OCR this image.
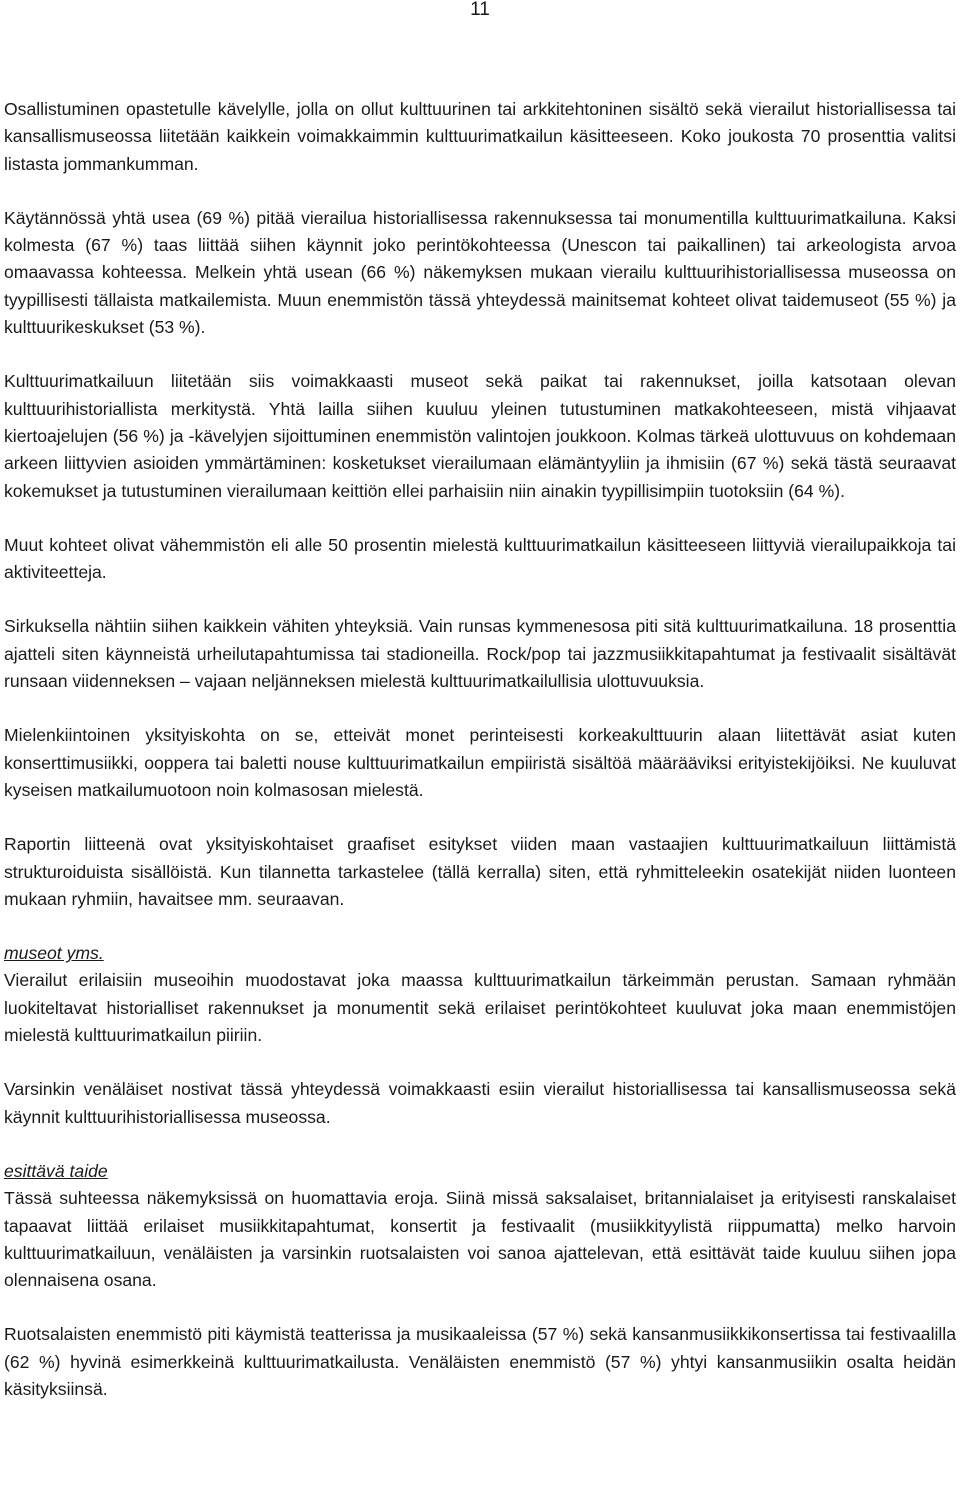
11

Osallistuminen opastetulle kävelylle, jolla on ollut kulttuurinen tai arkkitehtoninen sisältö sekä vierailut historiallisessa tai kansallismuseossa liitetään kaikkein voimakkaimmin kulttuurimatkailun käsitteeseen. Koko joukosta 70 prosenttia valitsi listasta jommankumman.

Käytännössä yhtä usea (69 %) pitää vierailua historiallisessa rakennuksessa tai monumentilla kulttuurimatkailuna. Kaksi kolmesta (67 %) taas liittää siihen käynnit joko perintökohteessa (Unescon tai paikallinen) tai arkeologista arvoa omaavassa kohteessa. Melkein yhtä usean (66 %) näkemyksen mukaan vierailu kulttuurihistoriallisessa museossa on tyypillisesti tällaista matkailemista. Muun enemmistön tässä yhteydessä mainitsemat kohteet olivat taidemuseot (55 %) ja kulttuurikeskukset (53 %).

Kulttuurimatkailuun liitetään siis voimakkaasti museot sekä paikat tai rakennukset, joilla katsotaan olevan kulttuurihistoriallista merkitystä. Yhtä lailla siihen kuuluu yleinen tutustuminen matkakohteeseen, mistä vihjaavat kiertoajelujen (56 %) ja -kävelyjen sijoittuminen enemmistön valintojen joukkoon. Kolmas tärkeä ulottuvuus on kohdemaan arkeen liittyvien asioiden ymmärtäminen: kosketukset vierailumaan elämäntyyliin ja ihmisiin (67 %) sekä tästä seuraavat kokemukset ja tutustuminen vierailumaan keittiön ellei parhaisiin niin ainakin tyypillisimpiin tuotoksiin (64 %).

Muut kohteet olivat vähemmistön eli alle 50 prosentin mielestä kulttuurimatkailun käsitteeseen liittyviä vierailupaikkoja tai aktiviteetteja.

Sirkuksella nähtiin siihen kaikkein vähiten yhteyksiä. Vain runsas kymmenesosa piti sitä kulttuurimatkailuna. 18 prosenttia ajatteli siten käynneistä urheilutapahtumissa tai stadioneilla. Rock/pop tai jazzmusiikkitapahtumat ja festivaalit sisältävät runsaan viidenneksen – vajaan neljänneksen mielestä kulttuurimatkailullisia ulottuvuuksia.

Mielenkiintoinen yksityiskohta on se, etteivät monet perinteisesti korkeakulttuurin alaan liitettävät asiat kuten konserttimusiikki, ooppera tai baletti nouse kulttuurimatkailun empiiristä sisältöä määrääviksi erityistekijöiksi. Ne kuuluvat kyseisen matkailumuotoon noin kolmasosan mielestä.

Raportin liitteenä ovat yksityiskohtaiset graafiset esitykset viiden maan vastaajien kulttuurimatkailuun liittämistä strukturoiduista sisällöistä. Kun tilannetta tarkastelee (tällä kerralla) siten, että ryhmitteleekin osatekijät niiden luonteen mukaan ryhmiin, havaitsee mm. seuraavan.

museot yms.

Vierailut erilaisiin museoihin muodostavat joka maassa kulttuurimatkailun tärkeimmän perustan. Samaan ryhmään luokiteltavat historialliset rakennukset ja monumentit sekä erilaiset perintökohteet kuuluvat joka maan enemmistöjen mielestä kulttuurimatkailun piiriin.

Varsinkin venäläiset nostivat tässä yhteydessä voimakkaasti esiin vierailut historiallisessa tai kansallismuseossa sekä käynnit kulttuurihistoriallisessa museossa.

esittävä taide

Tässä suhteessa näkemyksissä on huomattavia eroja. Siinä missä saksalaiset, britannialaiset ja erityisesti ranskalaiset tapaavat liittää erilaiset musiikkitapahtumat, konsertit ja festivaalit (musiikkityylistä riippumatta) melko harvoin kulttuurimatkailuun, venäläisten ja varsinkin ruotsalaisten voi sanoa ajattelevan, että esittävät taide kuuluu siihen jopa olennaisena osana.

Ruotsalaisten enemmistö piti käymistä teatterissa ja musikaaleissa (57 %) sekä kansanmusiikkikonsertissa tai festivaalilla (62 %) hyvinä esimerkkeinä kulttuurimatkailusta. Venäläisten enemmistö (57 %) yhtyi kansanmusiikin osalta heidän käsityksiinsä.
